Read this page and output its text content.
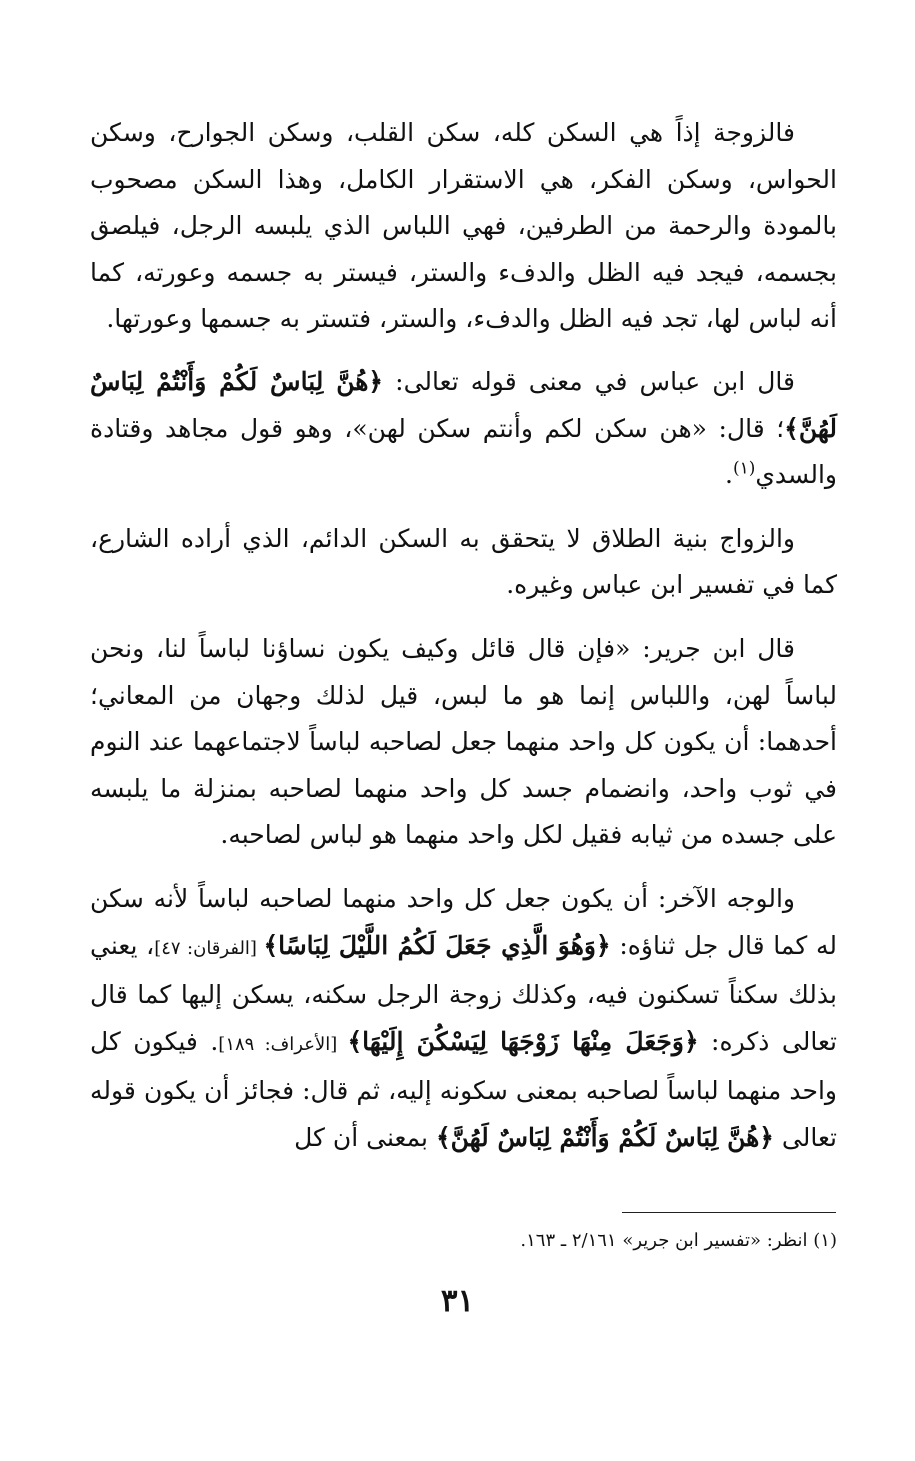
فالزوجة إذاً هي السكن كله، سكن القلب، وسكن الجوارح، وسكن الحواس، وسكن الفكر، هي الاستقرار الكامل، وهذا السكن مصحوب بالمودة والرحمة من الطرفين، فهي اللباس الذي يلبسه الرجل، فيلصق بجسمه، فيجد فيه الظل والدفء والستر، فيستر به جسمه وعورته، كما أنه لباس لها، تجد فيه الظل والدفء، والستر، فتستر به جسمها وعورتها.

قال ابن عباس في معنى قوله تعالى: ﴿هُنَّ لِبَاسٌ لَكُمْ وَأَنْتُمْ لِبَاسٌ لَهُنَّ﴾؛ قال: «هن سكن لكم وأنتم سكن لهن»، وهو قول مجاهد وقتادة والسدي$^{(١)}$.

والزواج بنية الطلاق لا يتحقق به السكن الدائم، الذي أراده الشارع، كما في تفسير ابن عباس وغيره.

قال ابن جرير: «فإن قال قائل وكيف يكون نساؤنا لباساً لنا، ونحن لباساً لهن، واللباس إنما هو ما لبس، قيل لذلك وجهان من المعاني؛ أحدهما: أن يكون كل واحد منهما جعل لصاحبه لباساً لاجتماعهما عند النوم في ثوب واحد، وانضمام جسد كل واحد منهما لصاحبه بمنزلة ما يلبسه على جسده من ثيابه فقيل لكل واحد منهما هو لباس لصاحبه.

والوجه الآخر: أن يكون جعل كل واحد منهما لصاحبه لباساً لأنه سكن له كما قال جل ثناؤه: ﴿وَهُوَ الَّذِي جَعَلَ لَكُمُ اللَّيْلَ لِبَاسًا﴾ [الفرقان: ٤٧]، يعني بذلك سكناً تسكنون فيه، وكذلك زوجة الرجل سكنه، يسكن إليها كما قال تعالى ذكره: ﴿وَجَعَلَ مِنْهَا زَوْجَهَا لِيَسْكُنَ إِلَيْهَا﴾ [الأعراف: ١٨٩]. فيكون كل واحد منهما لباساً لصاحبه بمعنى سكونه إليه، ثم قال: فجائز أن يكون قوله تعالى ﴿هُنَّ لِبَاسٌ لَكُمْ وَأَنْتُمْ لِبَاسٌ لَهُنَّ﴾ بمعنى أن كل

(١) انظر: «تفسير ابن جرير» ٢/١٦١ ـ ١٦٣.
٣١
